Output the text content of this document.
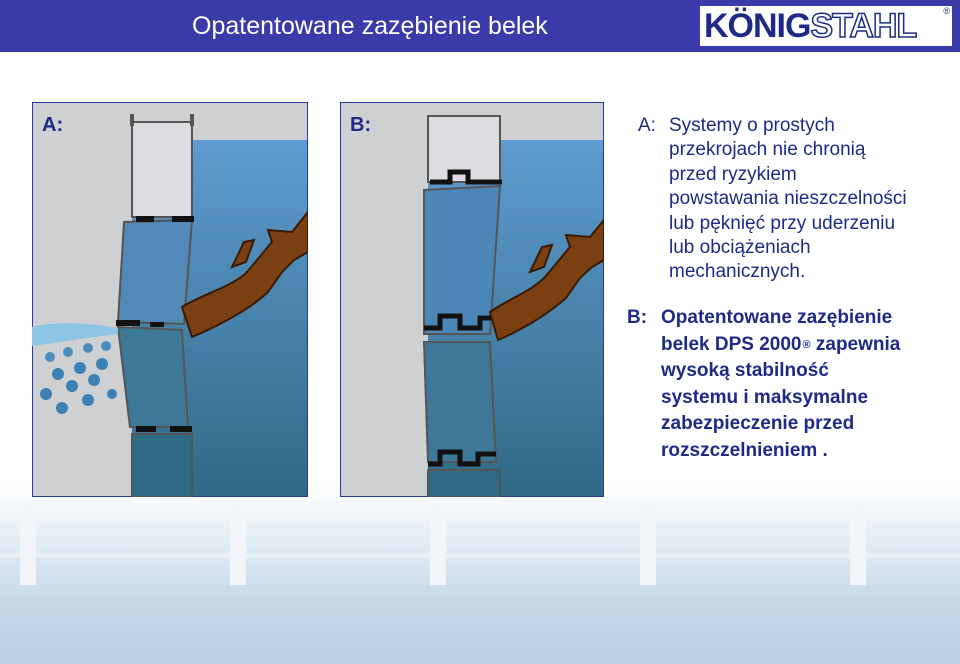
Opatentowane zazębienie belek	KÖNIGSTAHL	®
A:	B:	A: Systemy o prostych
przekrojach nie chronią
przed ryzykiem
powstawania nieszczelności
lub pęknięć przy uderzeniu
lub obciążeniach
mechanicznych.
B: Opatentowane zazębienie
belek DPS 2000® zapewnia
wysoką stabilność
systemu i maksymalne
zabezpieczenie przed
rozszczelnieniem .
